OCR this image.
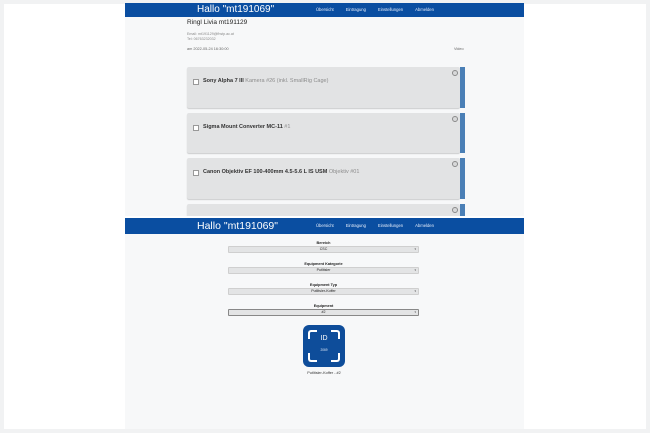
Hallo "mt191069"	Übersicht	Eintragung	Einstellungen	Abmelden
Ringl Livia mt191129
Email: mt191129@fhstp.ac.at
Tel: 06763232032
am 2022-05-24 16:30:00	Video
Sony Alpha 7 III Kamera #26 (inkl. SmallRig Cage)
ⓘ
Sigma Mount Converter MC-11 #1
ⓘ
Canon Objektiv EF 100-400mm 4.5-5.6 L IS USM Objektiv #01
ⓘ
ⓘ
Hallo "mt191069"	Übersicht	Eintragung	Einstellungen	Abmelden
Bereich
CSC	▾
Equipment Kategorie
Putlitsler	▾
Equipment Typ
Putlitsler-Koffer	▾
Equipment
#2	▾
ID
2069
Putlitsler-Koffer - #2
